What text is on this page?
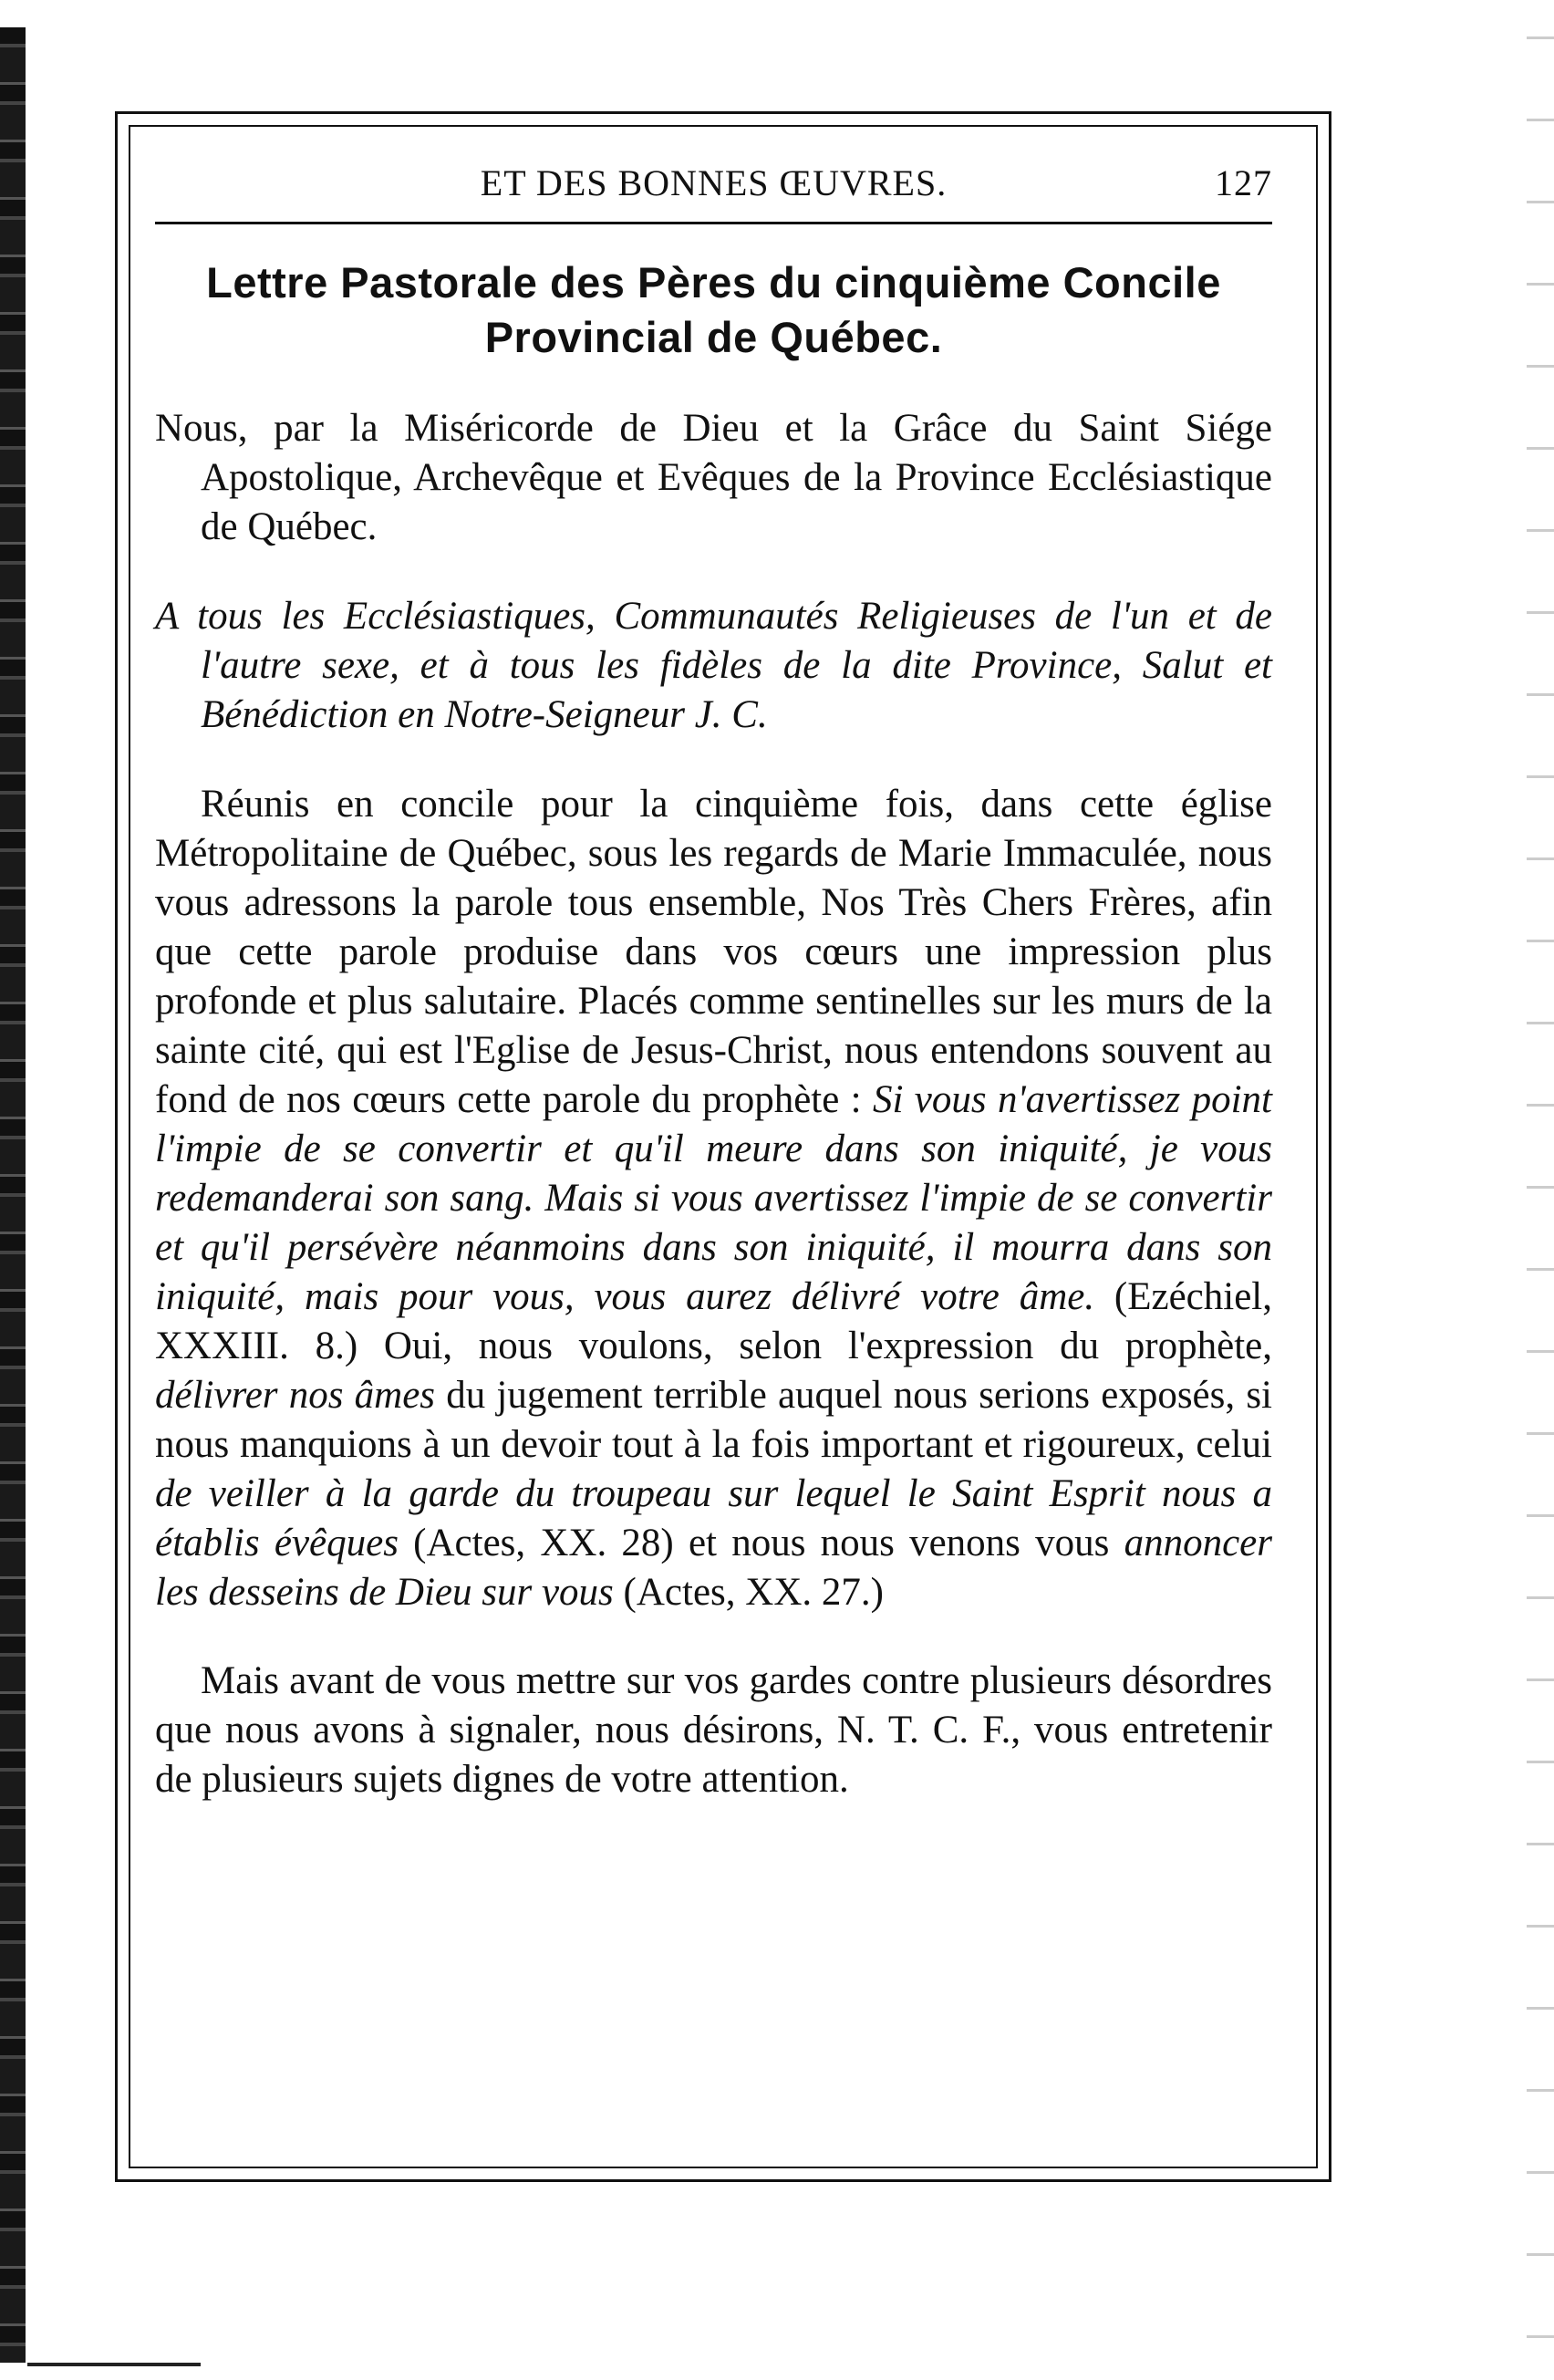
ET DES BONNES ŒUVRES.	127
Lettre Pastorale des Pères du cinquième Concile
Provincial de Québec.

Nous, par la Miséricorde de Dieu et la Grâce du Saint Siége Apostolique, Archevêque et Evêques de la Province Ecclésiastique de Québec.

A tous les Ecclésiastiques, Communautés Religieuses de l'un et de l'autre sexe, et à tous les fidèles de la dite Province, Salut et Bénédiction en Notre-Seigneur J. C.

Réunis en concile pour la cinquième fois, dans cette église Métropolitaine de Québec, sous les regards de Marie Immaculée, nous vous adressons la parole tous ensemble, Nos Très Chers Frères, afin que cette parole produise dans vos cœurs une impression plus profonde et plus salutaire. Placés comme sentinelles sur les murs de la sainte cité, qui est l'Eglise de Jesus-Christ, nous entendons souvent au fond de nos cœurs cette parole du prophète : Si vous n'avertissez point l'impie de se convertir et qu'il meure dans son iniquité, je vous redemanderai son sang. Mais si vous avertissez l'impie de se convertir et qu'il persévère néanmoins dans son iniquité, il mourra dans son iniquité, mais pour vous, vous aurez délivré votre âme. (Ezéchiel, XXXIII. 8.) Oui, nous voulons, selon l'expression du prophète, délivrer nos âmes du jugement terrible auquel nous serions exposés, si nous manquions à un devoir tout à la fois important et rigoureux, celui de veiller à la garde du troupeau sur lequel le Saint Esprit nous a établis évêques (Actes, XX. 28) et nous nous venons vous annoncer les desseins de Dieu sur vous (Actes, XX. 27.)

Mais avant de vous mettre sur vos gardes contre plusieurs désordres que nous avons à signaler, nous désirons, N. T. C. F., vous entretenir de plusieurs sujets dignes de votre attention.
